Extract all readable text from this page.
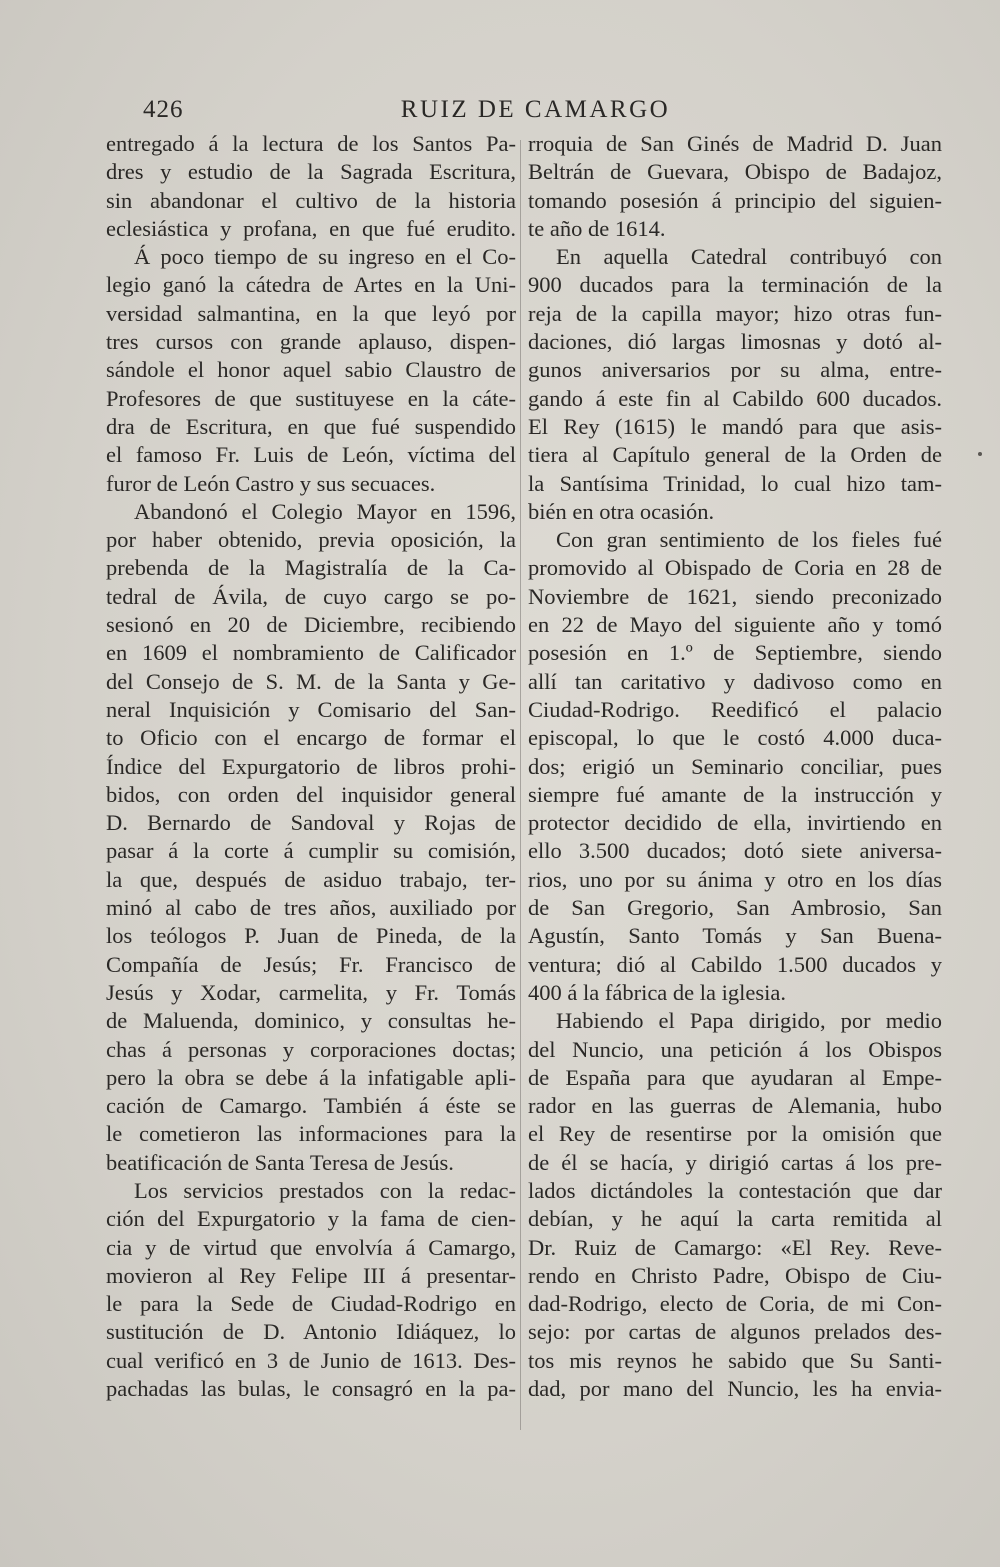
426	RUIZ DE CAMARGO
entregado á la lectura de los Santos Pa-
dres y estudio de la Sagrada Escritura,
sin abandonar el cultivo de la historia
eclesiástica y profana, en que fué erudito.
Á poco tiempo de su ingreso en el Co-
legio ganó la cátedra de Artes en la Uni-
versidad salmantina, en la que leyó por
tres cursos con grande aplauso, dispen-
sándole el honor aquel sabio Claustro de
Profesores de que sustituyese en la cáte-
dra de Escritura, en que fué suspendido
el famoso Fr. Luis de León, víctima del
furor de León Castro y sus secuaces.
Abandonó el Colegio Mayor en 1596,
por haber obtenido, previa oposición, la
prebenda de la Magistralía de la Ca-
tedral de Ávila, de cuyo cargo se po-
sesionó en 20 de Diciembre, recibiendo
en 1609 el nombramiento de Calificador
del Consejo de S. M. de la Santa y Ge-
neral Inquisición y Comisario del San-
to Oficio con el encargo de formar el
Índice del Expurgatorio de libros prohi-
bidos, con orden del inquisidor general
D. Bernardo de Sandoval y Rojas de
pasar á la corte á cumplir su comisión,
la que, después de asiduo trabajo, ter-
minó al cabo de tres años, auxiliado por
los teólogos P. Juan de Pineda, de la
Compañía de Jesús; Fr. Francisco de
Jesús y Xodar, carmelita, y Fr. Tomás
de Maluenda, dominico, y consultas he-
chas á personas y corporaciones doctas;
pero la obra se debe á la infatigable apli-
cación de Camargo. También á éste se
le cometieron las informaciones para la
beatificación de Santa Teresa de Jesús.
Los servicios prestados con la redac-
ción del Expurgatorio y la fama de cien-
cia y de virtud que envolvía á Camargo,
movieron al Rey Felipe III á presentar-
le para la Sede de Ciudad-Rodrigo en
sustitución de D. Antonio Idiáquez, lo
cual verificó en 3 de Junio de 1613. Des-
pachadas las bulas, le consagró en la pa-
rroquia de San Ginés de Madrid D. Juan
Beltrán de Guevara, Obispo de Badajoz,
tomando posesión á principio del siguien-
te año de 1614.
En aquella Catedral contribuyó con
900 ducados para la terminación de la
reja de la capilla mayor; hizo otras fun-
daciones, dió largas limosnas y dotó al-
gunos aniversarios por su alma, entre-
gando á este fin al Cabildo 600 ducados.
El Rey (1615) le mandó para que asis-
tiera al Capítulo general de la Orden de
la Santísima Trinidad, lo cual hizo tam-
bién en otra ocasión.
Con gran sentimiento de los fieles fué
promovido al Obispado de Coria en 28 de
Noviembre de 1621, siendo preconizado
en 22 de Mayo del siguiente año y tomó
posesión en 1.º de Septiembre, siendo
allí tan caritativo y dadivoso como en
Ciudad-Rodrigo. Reedificó el palacio
episcopal, lo que le costó 4.000 duca-
dos; erigió un Seminario conciliar, pues
siempre fué amante de la instrucción y
protector decidido de ella, invirtiendo en
ello 3.500 ducados; dotó siete aniversa-
rios, uno por su ánima y otro en los días
de San Gregorio, San Ambrosio, San
Agustín, Santo Tomás y San Buena-
ventura; dió al Cabildo 1.500 ducados y
400 á la fábrica de la iglesia.
Habiendo el Papa dirigido, por medio
del Nuncio, una petición á los Obispos
de España para que ayudaran al Empe-
rador en las guerras de Alemania, hubo
el Rey de resentirse por la omisión que
de él se hacía, y dirigió cartas á los pre-
lados dictándoles la contestación que dar
debían, y he aquí la carta remitida al
Dr. Ruiz de Camargo: «El Rey. Reve-
rendo en Christo Padre, Obispo de Ciu-
dad-Rodrigo, electo de Coria, de mi Con-
sejo: por cartas de algunos prelados des-
tos mis reynos he sabido que Su Santi-
dad, por mano del Nuncio, les ha envia-
